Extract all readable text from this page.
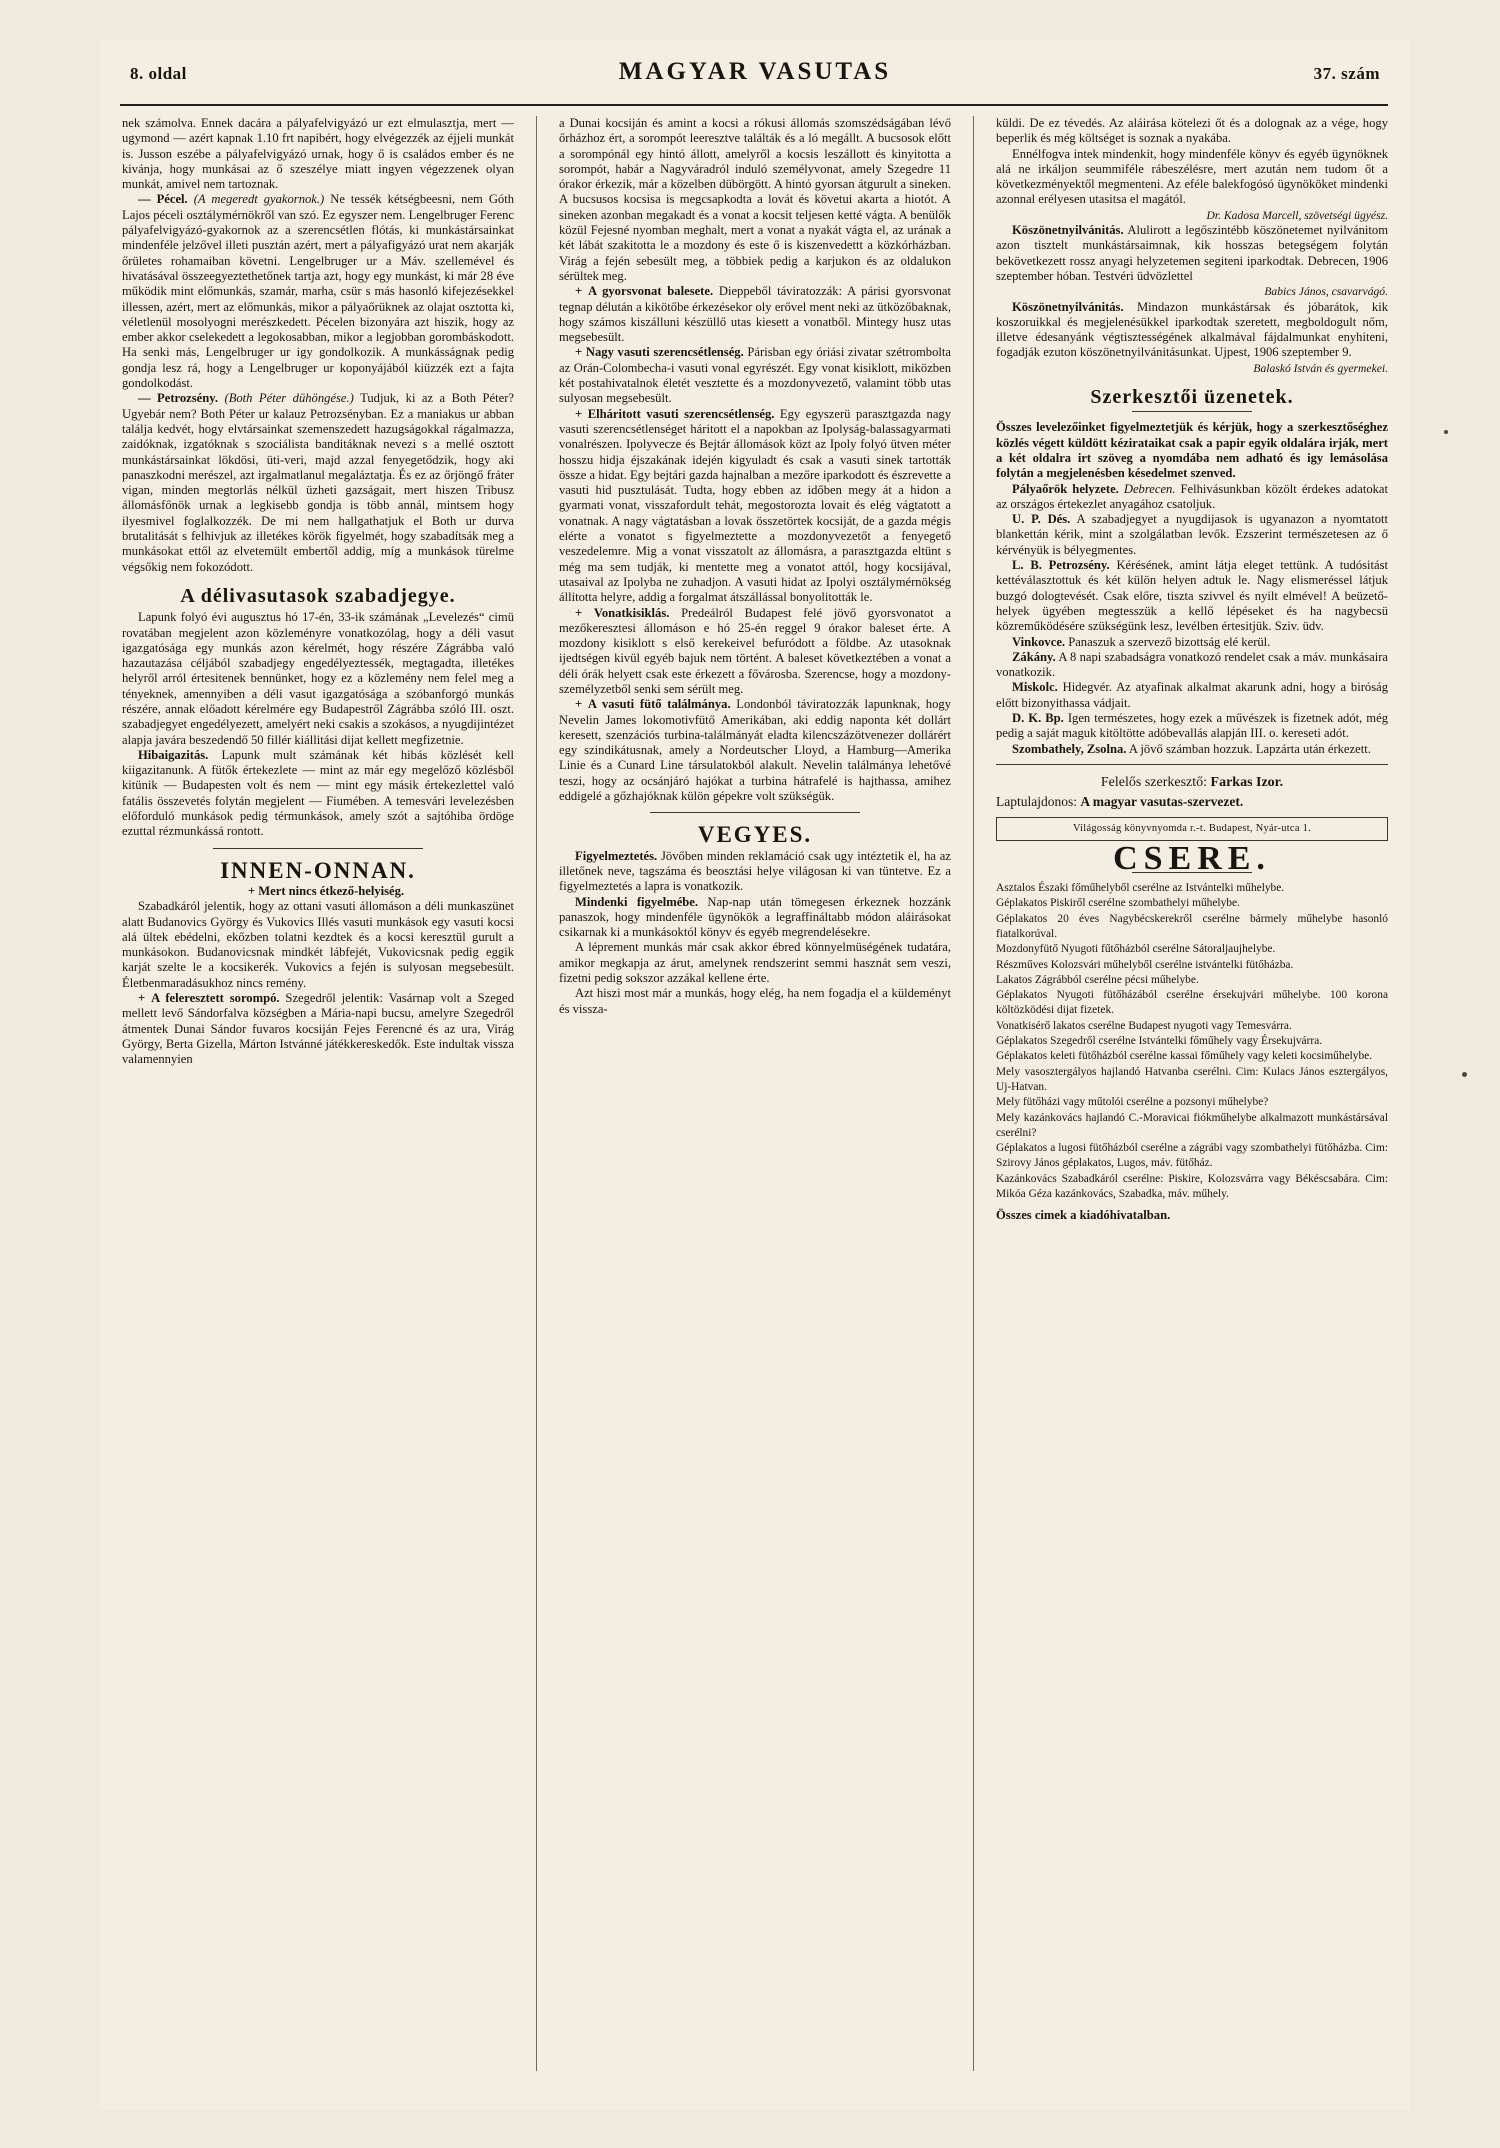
8. oldal	MAGYAR VASUTAS	37. szám

nek számolva. Ennek dacára a pályafelvigyázó ur ezt elmulasztja, mert — ugymond — azért kapnak 1.10 frt napibért, hogy elvégezzék az éjjeli munkát is. Jusson eszébe a pályafelvigyázó urnak, hogy ő is családos ember és ne kivánja, hogy munkásai az ő szeszélye miatt ingyen végezzenek olyan munkát, amivel nem tartoznak.

— Pécel. (A megeredt gyakornok.) Ne tessék kétségbeesni, nem Góth Lajos péceli osztálymérnökről van szó. Ez egyszer nem. Lengelbruger Ferenc pályafelvigyázó-gyakornok az a szerencsétlen flótás, ki munkástársainkat mindenféle jelzővel illeti pusztán azért, mert a pályafigyázó urat nem akarják őrületes rohamaiban követni. Lengelbruger ur a Máv. szellemével és hivatásával összeegyeztethetőnek tartja azt, hogy egy munkást, ki már 28 éve működik mint előmunkás, szamár, marha, csür s más hasonló kifejezésekkel illessen, azért, mert az előmunkás, mikor a pályaőrüknek az olajat osztotta ki, véletlenül mosolyogni merészkedett. Pécelen bizonyára azt hiszik, hogy az ember akkor cselekedett a legokosabban, mikor a legjobban gorombáskodott. Ha senki más, Lengelbruger ur igy gondolkozik. A munkásságnak pedig gondja lesz rá, hogy a Lengelbruger ur koponyájából kiüzzék ezt a fajta gondolkodást.

— Petrozsény. (Both Péter dühöngése.) Tudjuk, ki az a Both Péter? Ugyebár nem? Both Péter ur kalauz Petrozsényban. Ez a maniakus ur abban találja kedvét, hogy elvtársainkat szemenszedett hazugságokkal rágalmazza, zaidóknak, izgatóknak s szociálista banditáknak nevezi s a mellé osztott munkástársainkat lökdösi, üti-veri, majd azzal fenyegetődzik, hogy aki panaszkodni merészel, azt irgalmatlanul megaláztatja. És ez az őrjöngő fráter vigan, minden megtorlás nélkül üzheti gazságait, mert hiszen Tribusz állomásfőnök urnak a legkisebb gondja is több annál, mintsem hogy ilyesmivel foglalkozzék. De mi nem hallgathatjuk el Both ur durva brutalitását s felhivjuk az illetékes körök figyelmét, hogy szabadítsák meg a munkásokat ettől az elvetemült embertől addig, míg a munkások türelme végsőkig nem fokozódott.

A délivasutasok szabadjegye.

Lapunk folyó évi augusztus hó 17-én, 33-ik számának „Levelezés“ cimü rovatában megjelent azon közleményre vonatkozólag, hogy a déli vasut igazgatósága egy munkás azon kérelmét, hogy részére Zágrábba való hazautazása céljából szabadjegy engedélyeztessék, megtagadta, illetékes helyről arról értesitenek bennünket, hogy ez a közlemény nem felel meg a tényeknek, amennyiben a déli vasut igazgatósága a szóbanforgó munkás részére, annak előadott kérelmére egy Budapestről Zágrábba szóló III. oszt. szabadjegyet engedélyezett, amelyért neki csakis a szokásos, a nyugdijintézet alapja javára beszedendő 50 fillér kiállitási dijat kellett megfizetnie.

Hibaigazitás. Lapunk mult számának két hibás közlését kell kiigazitanunk. A fütők értekezlete — mint az már egy megelőző közlésből kitünik — Budapesten volt és nem — mint egy másik értekezlettel való fatális összevetés folytán megjelent — Fiumében. A temesvári levelezésben előforduló munkások pedig térmunkások, amely szót a sajtóhiba ördöge ezuttal rézmunkássá rontott.

INNEN-ONNAN.

+ Mert nincs étkező-helyiség.

Szabadkáról jelentik, hogy az ottani vasuti állomáson a déli munkaszünet alatt Budanovics György és Vukovics Illés vasuti munkások egy vasuti kocsi alá ültek ebédelni, ekőzben tolatni kezdtek és a kocsi keresztül gurult a munkásokon. Budanovicsnak mindkét lábfejét, Vukovicsnak pedig eggik karját szelte le a kocsikerék. Vukovics a fején is sulyosan megsebesült. Életbenmaradásukhoz nincs remény.

+ A feleresztett sorompó. Szegedről jelentik: Vasárnap volt a Szeged mellett levő Sándorfalva községben a Mária-napi bucsu, amelyre Szegedről átmentek Dunai Sándor fuvaros kocsiján Fejes Ferencné és az ura, Virág György, Berta Gizella, Márton Istvánné játékkereskedők. Este indultak vissza valamennyien

a Dunai kocsiján és amint a kocsi a rókusi állomás szomszédságában lévő őrházhoz ért, a sorompót leeresztve találták és a ló megállt. A bucsosok előtt a sorompónál egy hintó állott, amelyről a kocsis leszállott és kinyitotta a sorompót, habár a Nagyváradról induló személyvonat, amely Szegedre 11 órakor érkezik, már a közelben dübörgött. A hintó gyorsan átgurult a sineken. A bucsusos kocsisa is megcsapkodta a lovát és követui akarta a hiotót. A sineken azonban megakadt és a vonat a kocsit teljesen ketté vágta. A benülők közül Fejesné nyomban meghalt, mert a vonat a nyakát vágta el, az urának a két lábát szakitotta le a mozdony és este ő is kiszenvedettt a közkórházban. Virág a fején sebesült meg, a többiek pedig a karjukon és az oldalukon sérültek meg.

+ A gyorsvonat balesete. Dieppeből táviratozzák: A párisi gyorsvonat tegnap délután a kikötőbe érkezésekor oly erővel ment neki az ütközőbaknak, hogy számos kiszálluni készüllő utas kiesett a vonatből. Mintegy husz utas megsebesült.

+ Nagy vasuti szerencsétlenség. Párisban egy óriási zivatar szétrombolta az Orán-Colombecha-i vasuti vonal egyrészét. Egy vonat kisiklott, miközben két postahivatalnok életét vesztette és a mozdonyvezető, valamint több utas sulyosan megsebesült.

+ Elháritott vasuti szerencsétlenség. Egy egyszerü parasztgazda nagy vasuti szerencsétlenséget háritott el a napokban az Ipolyság-balassagyarmati vonalrészen. Ipolyvecze és Bejtár állomások közt az Ipoly folyó ütven méter hosszu hidja éjszakának idején kigyuladt és csak a vasuti sinek tartották össze a hidat. Egy bejtári gazda hajnalban a mezőre iparkodott és észrevette a vasuti hid pusztulását. Tudta, hogy ebben az időben megy át a hidon a gyarmati vonat, visszafordult tehát, megostorozta lovait és elég vágtatott a vonatnak. A nagy vágtatásban a lovak összetörtek kocsiját, de a gazda mégis elérte a vonatot s figyelmeztette a mozdonyvezetőt a fenyegető veszedelemre. Mig a vonat visszatolt az állomásra, a parasztgazda eltünt s még ma sem tudják, ki mentette meg a vonatot attól, hogy kocsijával, utasaival az Ipolyba ne zuhadjon. A vasuti hidat az Ipolyi osztálymérnökség állitotta helyre, addig a forgalmat átszállással bonyolitották le.

+ Vonatkisiklás. Predeálról Budapest felé jövő gyorsvonatot a mezőkeresztesi állomáson e hó 25-én reggel 9 órakor baleset érte. A mozdony kisiklott s első kerekeivel befuródott a földbe. Az utasoknak ijedtségen kivül egyéb bajuk nem történt. A baleset következtében a vonat a déli órák helyett csak este érkezett a fővárosba. Szerencse, hogy a mozdony-személyzetből senki sem sérült meg.

+ A vasuti fütő találmánya. Londonból táviratozzák lapunknak, hogy Nevelin James lokomotivfütő Amerikában, aki eddig naponta két dollárt keresett, szenzációs turbina-találmányát eladta kilencszázötvenezer dollárért egy szindikátusnak, amely a Nordeutscher Lloyd, a Hamburg—Amerika Linie és a Cunard Line társulatokból alakult. Nevelin találmánya lehetővé teszi, hogy az ocsánjáró hajókat a turbina hátrafelé is hajthassa, amihez eddigelé a gőzhajóknak külön gépekre volt szükségük.

VEGYES.

Figyelmeztetés. Jövőben minden reklamáció csak ugy intéztetik el, ha az illetőnek neve, tagszáma és beosztási helye világosan ki van tüntetve. Ez a figyelmeztetés a lapra is vonatkozik.

Mindenki figyelmébe. Nap-nap után tömegesen érkeznek hozzánk panaszok, hogy mindenféle ügynökök a legraffináltabb módon aláirásokat csikarnak ki a munkásoktól könyv és egyéb megrendelésekre.

A léprement munkás már csak akkor ébred könnyelmüségének tudatára, amikor megkapja az árut, amelynek rendszerint semmi hasznát sem veszi, fizetni pedig sokszor azzákal kellene érte.

Azt hiszi most már a munkás, hogy elég, ha nem fogadja el a küldeményt és vissza-

küldi. De ez tévedés. Az aláirása kötelezi őt és a dolognak az a vége, hogy beperlik és még költséget is soznak a nyakába.

Ennélfogva intek mindenkit, hogy mindenféle könyv és egyéb ügynöknek alá ne irkáljon seummiféle rábeszélésre, mert azután nem tudom őt a következményektől megmenteni. Az eféle balekfogósó ügynököket mindenki azonnal erélyesen utasitsa el magától.

Dr. Kadosa Marcell, szövetségi ügyész.

Köszönetnyilvánitás. Alulirott a legőszintébb köszönetemet nyilvánitom azon tisztelt munkástársaimnak, kik hosszas betegségem folytán bekövetkezett rossz anyagi helyzetemen segiteni iparkodtak. Debrecen, 1906 szeptember hóban. Testvéri üdvözlettel

Babics János, csavarvágó.

Köszönetnyilvánitás. Mindazon munkástársak és jóbarátok, kik koszoruikkal és megjelenésükkel iparkodtak szeretett, megboldogult nőm, illetve édesanyánk végtisztességének alkalmával fájdalmunkat enyhiteni, fogadják ezuton köszönetnyilvánitásunkat. Ujpest, 1906 szeptember 9.

Balaskó István és gyermekei.

Szerkesztői üzenetek.

Összes levelezőinket figyelmeztetjük és kérjük, hogy a szerkesztőséghez közlés végett küldött kézirataikat csak a papir egyik oldalára irják, mert a két oldalra irt szöveg a nyomdába nem adható és igy lemásolása folytán a megjelenésben késedelmet szenved.

Pályaőrök helyzete. Debrecen. Felhivásunkban közölt érdekes adatokat az országos értekezlet anyagához csatoljuk.

U. P. Dés. A szabadjegyet a nyugdijasok is ugyanazon a nyomtatott blankettán kérik, mint a szolgálatban levők. Ezszerint természetesen az ő kérvényük is bélyegmentes.

L. B. Petrozsény. Kérésének, amint látja eleget tettünk. A tudósitást kettéválasztottuk és két külön helyen adtuk le. Nagy elismeréssel látjuk buzgó dologtevését. Csak előre, tiszta szivvel és nyilt elmével! A beüzető-helyek ügyében megtesszük a kellő lépéseket és ha nagybecsü közreműködésére szükségünk lesz, levélben értesitjük. Sziv. üdv.

Vinkovce. Panaszuk a szervező bizottság elé kerül.

Zákány. A 8 napi szabadságra vonatkozó rendelet csak a máv. munkásaira vonatkozik.

Miskolc. Hidegvér. Az atyafinak alkalmat akarunk adni, hogy a biróság előtt bizonyithassa vádjait.

D. K. Bp. Igen természetes, hogy ezek a művészek is fizetnek adót, még pedig a saját maguk kitöltötte adóbevallás alapján III. o. kereseti adót.

Szombathely, Zsolna. A jövő számban hozzuk. Lapzárta után érkezett.

Felelős szerkesztő: Farkas Izor.

Laptulajdonos: A magyar vasutas-szervezet.

Világosság könyvnyomda r.-t. Budapest, Nyár-utca 1.
CSERE.

Asztalos Északi főműhelyből cserélne az Istvántelki műhelybe.

Géplakatos Piskiről cserélne szombathelyi műhelybe.

Géplakatos 20 éves Nagybécskerekről cserélne bármely műhelybe hasonló fiatalkorúval.

Mozdonyfütő Nyugoti fűtőházból cserélne Sátoraljaujhelybe.

Részműves Kolozsvári műhelyből cserélne istvántelki fütőházba.

Lakatos Zágrábból cserélne pécsi műhelybe.

Géplakatos Nyugoti fütőházából cserélne érsekujvári műhelybe. 100 korona költözködési dijat fizetek.

Vonatkisérő lakatos cserélne Budapest nyugoti vagy Temesvárra.

Géplakatos Szegedről cserélne Istvántelki főműhely vagy Érsekujvárra.

Géplakatos keleti fütőházból cserélne kassai főműhely vagy keleti kocsiműhelybe.

Mely vasosztergályos hajlandó Hatvanba cserélni. Cim: Kulacs János esztergályos, Uj-Hatvan.

Mely fütőházi vagy műtolói cserélne a pozsonyi műhelybe?

Mely kazánkovács hajlandó C.-Moravicai fiókműhelybe alkalmazott munkástársával cserélni?

Géplakatos a lugosi fütőházból cserélne a zágrábi vagy szombathelyi fütőházba. Cim: Szirovy János géplakatos, Lugos, máv. fütőház.

Kazánkovács Szabadkáról cserélne: Piskire, Kolozsvárra vagy Békéscsabára. Cim: Mikóa Géza kazánkovács, Szabadka, máv. műhely.

Összes cimek a kiadóhivatalban.
